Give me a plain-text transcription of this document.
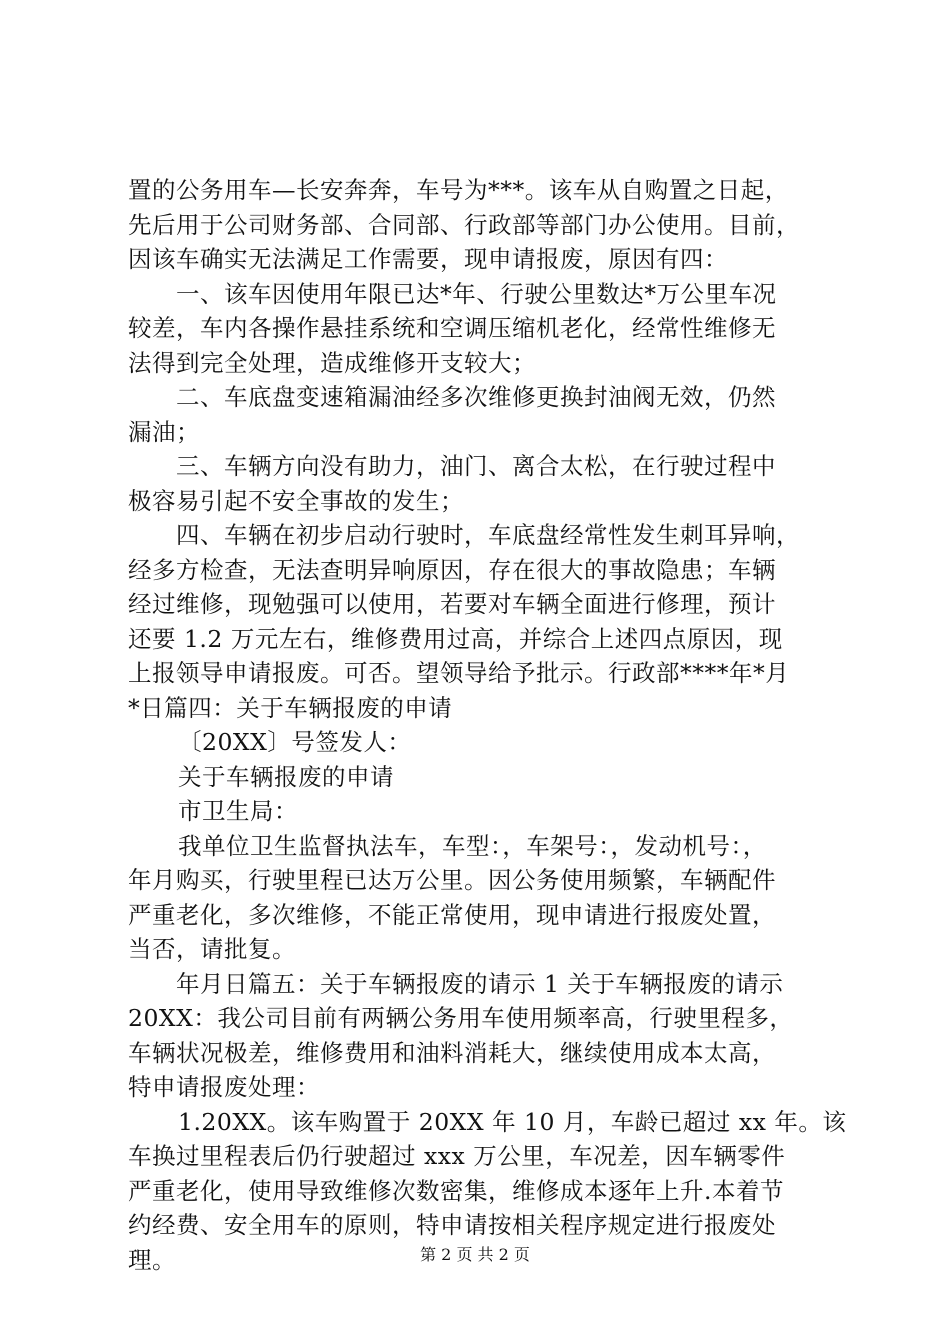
置的公务用车—长安奔奔，车号为***。该车从自购置之日起，
先后用于公司财务部、合同部、行政部等部门办公使用。目前，
因该车确实无法满足工作需要，现申请报废，原因有四：
一、该车因使用年限已达*年、行驶公里数达*万公里车况
较差，车内各操作悬挂系统和空调压缩机老化，经常性维修无
法得到完全处理，造成维修开支较大；
二、车底盘变速箱漏油经多次维修更换封油阀无效，仍然
漏油；
三、车辆方向没有助力，油门、离合太松，在行驶过程中
极容易引起不安全事故的发生；
四、车辆在初步启动行驶时，车底盘经常性发生刺耳异响，
经多方检查，无法查明异响原因，存在很大的事故隐患；车辆
经过维修，现勉强可以使用，若要对车辆全面进行修理，预计
还要 1.2 万元左右，维修费用过高，并综合上述四点原因，现
上报领导申请报废。可否。望领导给予批示。行政部****年*月
*日篇四：关于车辆报废的申请
〔20XX〕号签发人：
关于车辆报废的申请
市卫生局：
我单位卫生监督执法车，车型：，车架号：，发动机号：，
年月购买，行驶里程已达万公里。因公务使用频繁，车辆配件
严重老化，多次维修，不能正常使用，现申请进行报废处置，
当否，请批复。
年月日篇五：关于车辆报废的请示 1 关于车辆报废的请示
20XX：我公司目前有两辆公务用车使用频率高，行驶里程多，
车辆状况极差，维修费用和油料消耗大，继续使用成本太高，
特申请报废处理：
1.20XX。该车购置于 20XX 年 10 月，车龄已超过 xx 年。该
车换过里程表后仍行驶超过 xxx 万公里，车况差，因车辆零件
严重老化，使用导致维修次数密集，维修成本逐年上升.本着节
约经费、安全用车的原则，特申请按相关程序规定进行报废处
理。	第 2 页 共 2 页
